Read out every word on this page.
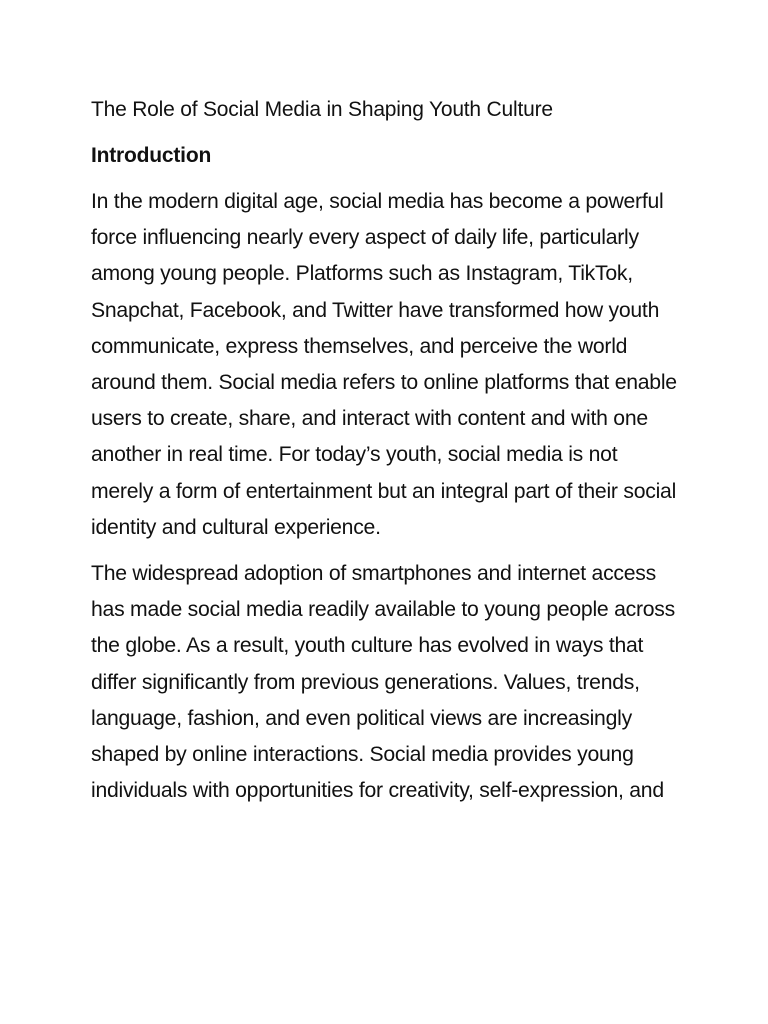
The Role of Social Media in Shaping Youth Culture
Introduction

In the modern digital age, social media has become a powerful force influencing nearly every aspect of daily life, particularly among young people. Platforms such as Instagram, TikTok, Snapchat, Facebook, and Twitter have transformed how youth communicate, express themselves, and perceive the world around them. Social media refers to online platforms that enable users to create, share, and interact with content and with one another in real time. For today’s youth, social media is not merely a form of entertainment but an integral part of their social identity and cultural experience.

The widespread adoption of smartphones and internet access has made social media readily available to young people across the globe. As a result, youth culture has evolved in ways that differ significantly from previous generations. Values, trends, language, fashion, and even political views are increasingly shaped by online interactions. Social media provides young individuals with opportunities for creativity, self-expression, and
